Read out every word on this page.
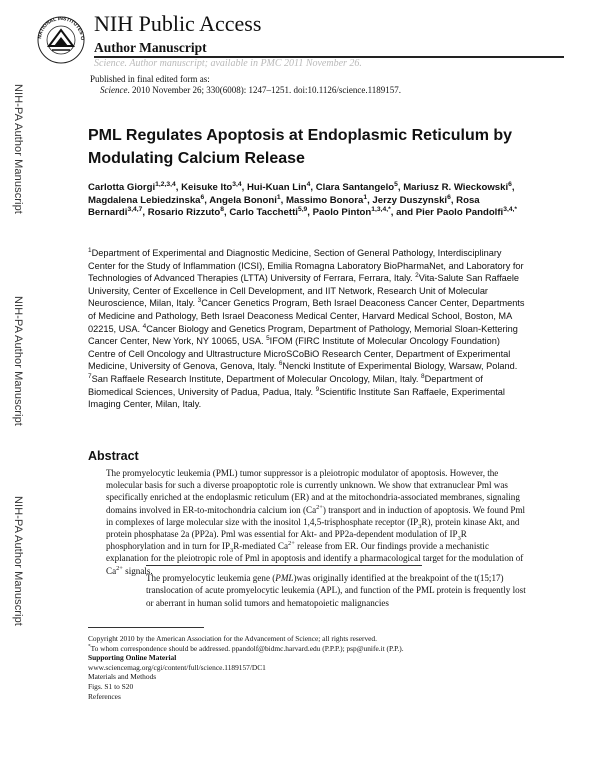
NIH-PA Author Manuscript
NIH-PA Author Manuscript
NIH-PA Author Manuscript
NATIONAL INSTITUTES O
NIH Public Access
Author Manuscript
Science. Author manuscript; available in PMC 2011 November 26.
Published in final edited form as:
Science. 2010 November 26; 330(6008): 1247–1251. doi:10.1126/science.1189157.
PML Regulates Apoptosis at Endoplasmic Reticulum by Modulating Calcium Release
Carlotta Giorgi$^{1,2,3,4}$, Keisuke Ito$^{3,4}$, Hui-Kuan Lin$^4$, Clara Santangelo$^5$, Mariusz R. Wieckowski$^6$, Magdalena Lebiedzinska$^6$, Angela Bononi$^1$, Massimo Bonora$^1$, Jerzy Duszynski$^6$, Rosa Bernardi$^{3,4,7}$, Rosario Rizzuto$^8$, Carlo Tacchetti$^{5,9}$, Paolo Pinton$^{1,3,4,*}$, and Pier Paolo Pandolfi$^{3,4,*}$
$^1$Department of Experimental and Diagnostic Medicine, Section of General Pathology, Interdisciplinary Center for the Study of Inflammation (ICSI), Emilia Romagna Laboratory BioPharmaNet, and Laboratory for Technologies of Advanced Therapies (LTTA) University of Ferrara, Ferrara, Italy. $^2$Vita-Salute San Raffaele University, Center of Excellence in Cell Development, and IIT Network, Research Unit of Molecular Neuroscience, Milan, Italy. $^3$Cancer Genetics Program, Beth Israel Deaconess Cancer Center, Departments of Medicine and Pathology, Beth Israel Deaconess Medical Center, Harvard Medical School, Boston, MA 02215, USA. $^4$Cancer Biology and Genetics Program, Department of Pathology, Memorial Sloan-Kettering Cancer Center, New York, NY 10065, USA. $^5$IFOM (FIRC Institute of Molecular Oncology Foundation) Centre of Cell Oncology and Ultrastructure MicroSCoBiO Research Center, Department of Experimental Medicine, University of Genova, Genova, Italy. $^6$Nencki Institute of Experimental Biology, Warsaw, Poland. $^7$San Raffaele Research Institute, Department of Molecular Oncology, Milan, Italy. $^8$Department of Biomedical Sciences, University of Padua, Padua, Italy. $^9$Scientific Institute San Raffaele, Experimental Imaging Center, Milan, Italy.
Abstract
The promyelocytic leukemia (PML) tumor suppressor is a pleiotropic modulator of apoptosis. However, the molecular basis for such a diverse proapoptotic role is currently unknown. We show that extranuclear Pml was specifically enriched at the endoplasmic reticulum (ER) and at the mitochondria-associated membranes, signaling domains involved in ER-to-mitochondria calcium ion $(Ca^{2+})$ transport and in induction of apoptosis. We found Pml in complexes of large molecular size with the inositol 1,4,5-trisphosphate receptor $(IP_3R)$, protein kinase Akt, and protein phosphatase 2a (PP2a). Pml was essential for Akt- and PP2a-dependent modulation of $IP_3R$ phosphorylation and in turn for $IP_3R$-mediated $Ca^{2+}$ release from ER. Our findings provide a mechanistic explanation for the pleiotropic role of Pml in apoptosis and identify a pharmacological target for the modulation of $Ca^{2+}$ signals.
The promyelocytic leukemia gene (PML)was originally identified at the breakpoint of the t(15;17) translocation of acute promyelocytic leukemia (APL), and function of the PML protein is frequently lost or aberrant in human solid tumors and hematopoietic malignancies
Copyright 2010 by the American Association for the Advancement of Science; all rights reserved.
*To whom correspondence should be addressed. ppandolf@bidmc.harvard.edu (P.P.P.); psp@unife.it (P.P.).
Supporting Online Material
www.sciencemag.org/cgi/content/full/science.1189157/DC1
Materials and Methods
Figs. S1 to S20
References
